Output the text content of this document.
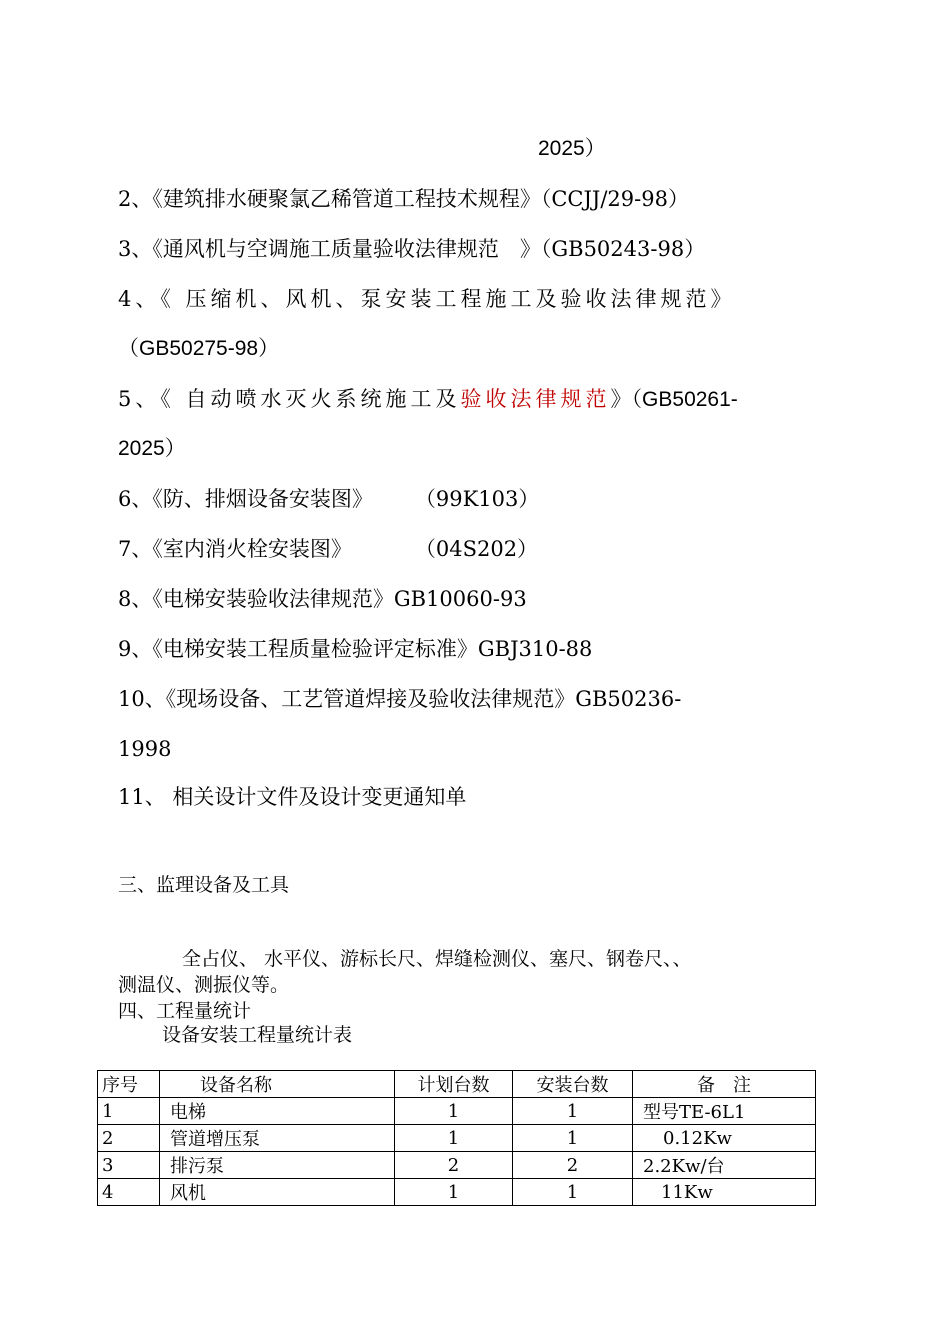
2025）
2、《建筑排水硬聚氯乙稀管道工程技术规程》（CCJJ/29-98）
3、《通风机与空调施工质量验收法律规范　》（GB50243-98）
4、《 压缩机、风机、泵安装工程施工及验收法律规范》
（GB50275-98）
5、《 自动喷水灭火系统施工及验收法律规范》（GB50261-
2025）
6、《防、排烟设备安装图》　　　（99K103）
7、《室内消火栓安装图》　　　　（04S202）
8、《电梯安装验收法律规范》GB10060-93
9、《电梯安装工程质量检验评定标准》GBJ310-88
10、《现场设备、工艺管道焊接及验收法律规范》GB50236-
1998
11、 相关设计文件及设计变更通知单
三、监理设备及工具
全占仪、 水平仪、游标长尺、焊缝检测仪、塞尺、钢卷尺、、
测温仪、测振仪等。
四、工程量统计
设备安装工程量统计表
序号	设备名称	计划台数	安装台数	备　注
1	电梯	1	1	型号TE-6L1
2	管道增压泵	1	1	0.12Kw
3	排污泵	2	2	2.2Kw/台
4	风机	1	1	11Kw
